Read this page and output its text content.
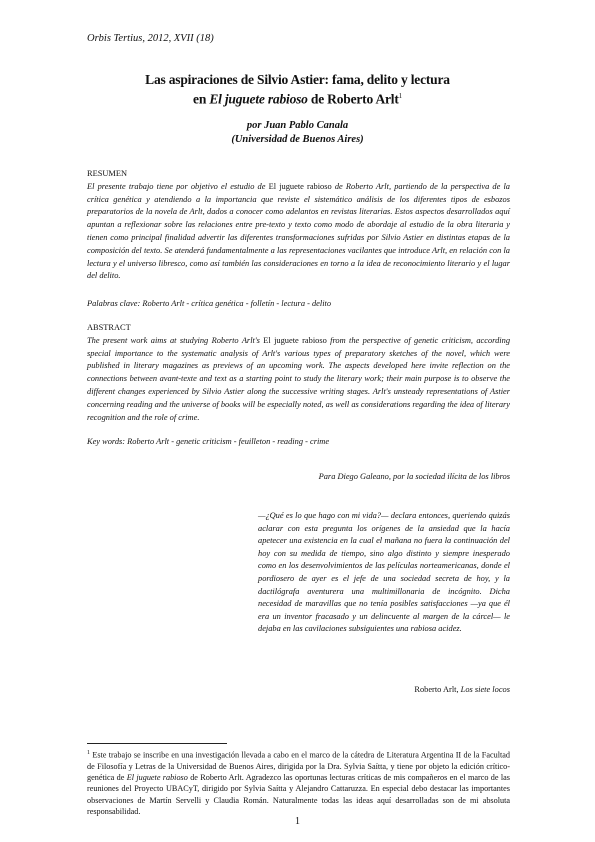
Orbis Tertius, 2012, XVII (18)
Las aspiraciones de Silvio Astier: fama, delito y lectura
en El juguete rabioso de Roberto Arlt$^1$
por Juan Pablo Canala
(Universidad de Buenos Aires)
RESUMEN
El presente trabajo tiene por objetivo el estudio de El juguete rabioso de Roberto Arlt, partiendo de la perspectiva de la crítica genética y atendiendo a la importancia que reviste el sistemático análisis de los diferentes tipos de esbozos preparatorios de la novela de Arlt, dados a conocer como adelantos en revistas literarias. Estos aspectos desarrollados aquí apuntan a reflexionar sobre las relaciones entre pre-texto y texto como modo de abordaje al estudio de la obra literaria y tienen como principal finalidad advertir las diferentes transformaciones sufridas por Silvio Astier en distintas etapas de la composición del texto. Se atenderá fundamentalmente a las representaciones vacilantes que introduce Arlt, en relación con la lectura y el universo libresco, como así también las consideraciones en torno a la idea de reconocimiento literario y el lugar del delito.
Palabras clave: Roberto Arlt - crítica genética - folletín - lectura - delito
ABSTRACT
The present work aims at studying Roberto Arlt's El juguete rabioso from the perspective of genetic criticism, according special importance to the systematic analysis of Arlt's various types of preparatory sketches of the novel, which were published in literary magazines as previews of an upcoming work. The aspects developed here invite reflection on the connections between avant-texte and text as a starting point to study the literary work; their main purpose is to observe the different changes experienced by Silvio Astier along the successive writing stages. Arlt's unsteady representations of Astier concerning reading and the universe of books will be especially noted, as well as considerations regarding the idea of literary recognition and the role of crime.
Key words: Roberto Arlt - genetic criticism - feuilleton - reading - crime
Para Diego Galeano, por la sociedad ilícita de los libros
—¿Qué es lo que hago con mi vida?— declara entonces, queriendo quizás aclarar con esta pregunta los orígenes de la ansiedad que la hacía apetecer una existencia en la cual el mañana no fuera la continuación del hoy con su medida de tiempo, sino algo distinto y siempre inesperado como en los desenvolvimientos de las películas norteamericanas, donde el pordiosero de ayer es el jefe de una sociedad secreta de hoy, y la dactilógrafa aventurera una multimillonaria de incógnito. Dicha necesidad de maravillas que no tenía posibles satisfacciones —ya que él era un inventor fracasado y un delincuente al margen de la cárcel— le dejaba en las cavilaciones subsiguientes una rabiosa acidez.
Roberto Arlt, Los siete locos
$^1$ Este trabajo se inscribe en una investigación llevada a cabo en el marco de la cátedra de Literatura Argentina II de la Facultad de Filosofía y Letras de la Universidad de Buenos Aires, dirigida por la Dra. Sylvia Saítta, y tiene por objeto la edición crítico-genética de El juguete rabioso de Roberto Arlt. Agradezco las oportunas lecturas críticas de mis compañeros en el marco de las reuniones del Proyecto UBACyT, dirigido por Sylvia Saítta y Alejandro Cattaruzza. En especial debo destacar las importantes observaciones de Martín Servelli y Claudia Román. Naturalmente todas las ideas aquí desarrolladas son de mi absoluta responsabilidad.
1
